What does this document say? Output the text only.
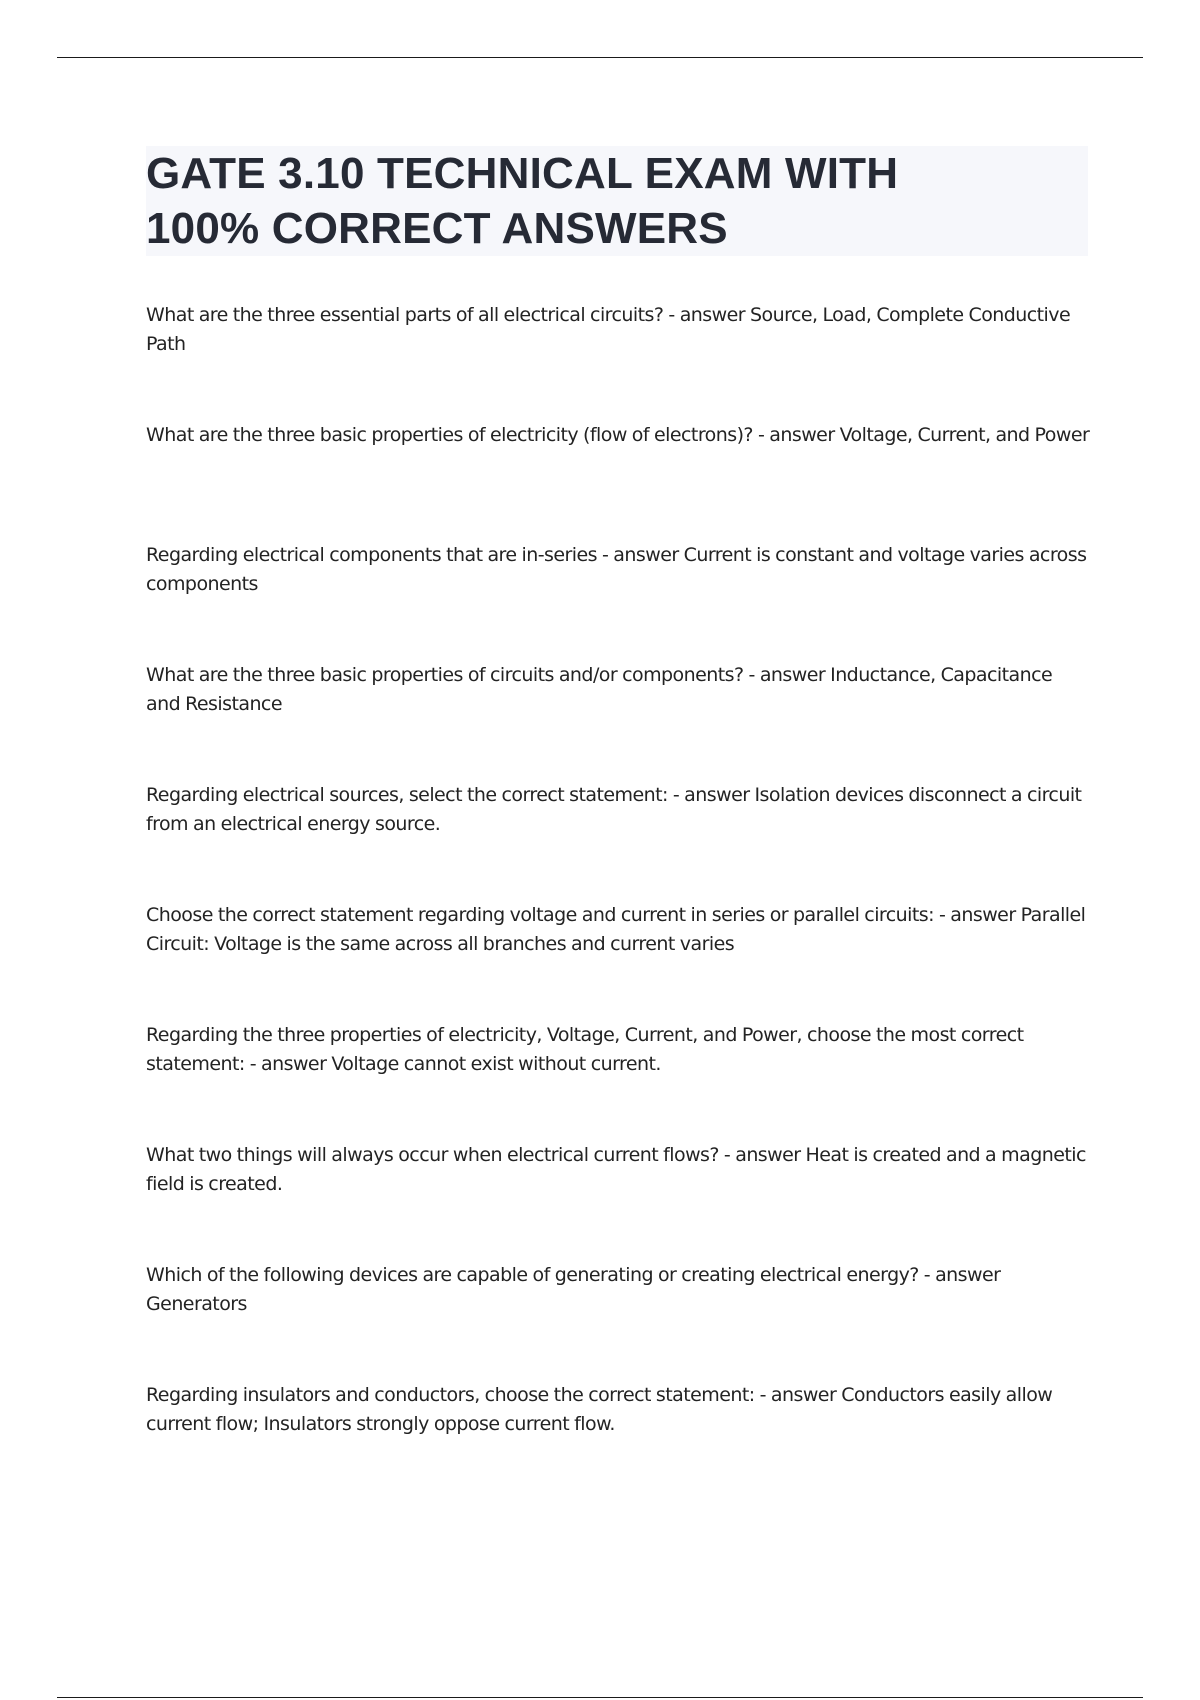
GATE 3.10 TECHNICAL EXAM WITH
100% CORRECT ANSWERS
What are the three essential parts of all electrical circuits? - answer Source, Load, Complete Conductive Path
What are the three basic properties of electricity (flow of electrons)? - answer Voltage, Current, and Power
Regarding electrical components that are in-series - answer Current is constant and voltage varies across components
What are the three basic properties of circuits and/or components? - answer Inductance, Capacitance and Resistance
Regarding electrical sources, select the correct statement: - answer Isolation devices disconnect a circuit from an electrical energy source.
Choose the correct statement regarding voltage and current in series or parallel circuits: - answer Parallel Circuit: Voltage is the same across all branches and current varies
Regarding the three properties of electricity, Voltage, Current, and Power, choose the most correct statement: - answer Voltage cannot exist without current.
What two things will always occur when electrical current flows? - answer Heat is created and a magnetic field is created.
Which of the following devices are capable of generating or creating electrical energy? - answer Generators
Regarding insulators and conductors, choose the correct statement: - answer Conductors easily allow current flow; Insulators strongly oppose current flow.
